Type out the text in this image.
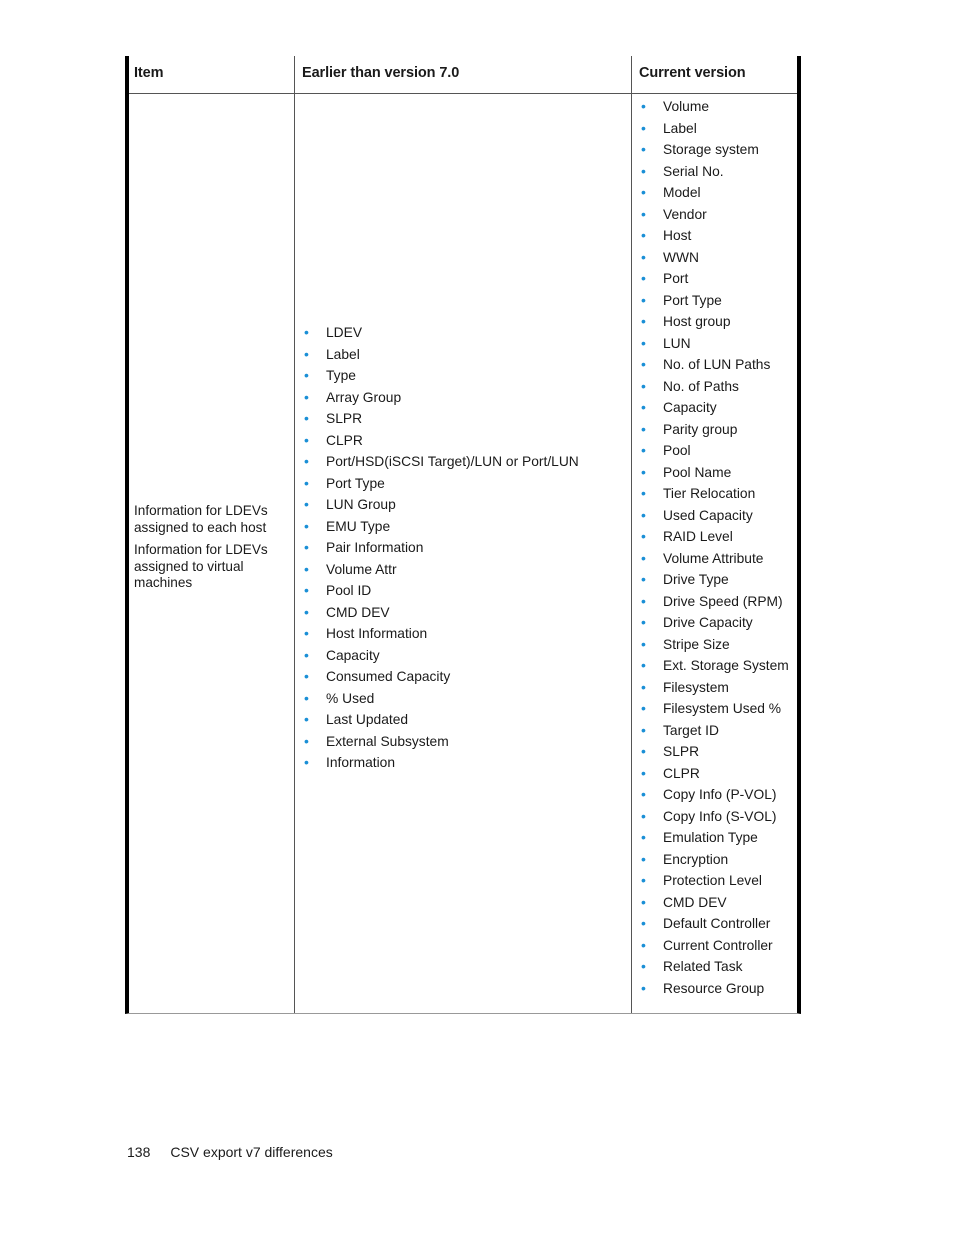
Item	Earlier than version 7.0	Current version
Information for LDEVs assigned to each host
Information for LDEVs assigned to virtual machines
• LDEV
• Label
• Type
• Array Group
• SLPR
• CLPR
• Port/HSD(iSCSI Target)/LUN or Port/LUN
• Port Type
• LUN Group
• EMU Type
• Pair Information
• Volume Attr
• Pool ID
• CMD DEV
• Host Information
• Capacity
• Consumed Capacity
• % Used
• Last Updated
• External Subsystem
• Information
• Volume
• Label
• Storage system
• Serial No.
• Model
• Vendor
• Host
• WWN
• Port
• Port Type
• Host group
• LUN
• No. of LUN Paths
• No. of Paths
• Capacity
• Parity group
• Pool
• Pool Name
• Tier Relocation
• Used Capacity
• RAID Level
• Volume Attribute
• Drive Type
• Drive Speed (RPM)
• Drive Capacity
• Stripe Size
• Ext. Storage System
• Filesystem
• Filesystem Used %
• Target ID
• SLPR
• CLPR
• Copy Info (P-VOL)
• Copy Info (S-VOL)
• Emulation Type
• Encryption
• Protection Level
• CMD DEV
• Default Controller
• Current Controller
• Related Task
• Resource Group
138 CSV export v7 differences
